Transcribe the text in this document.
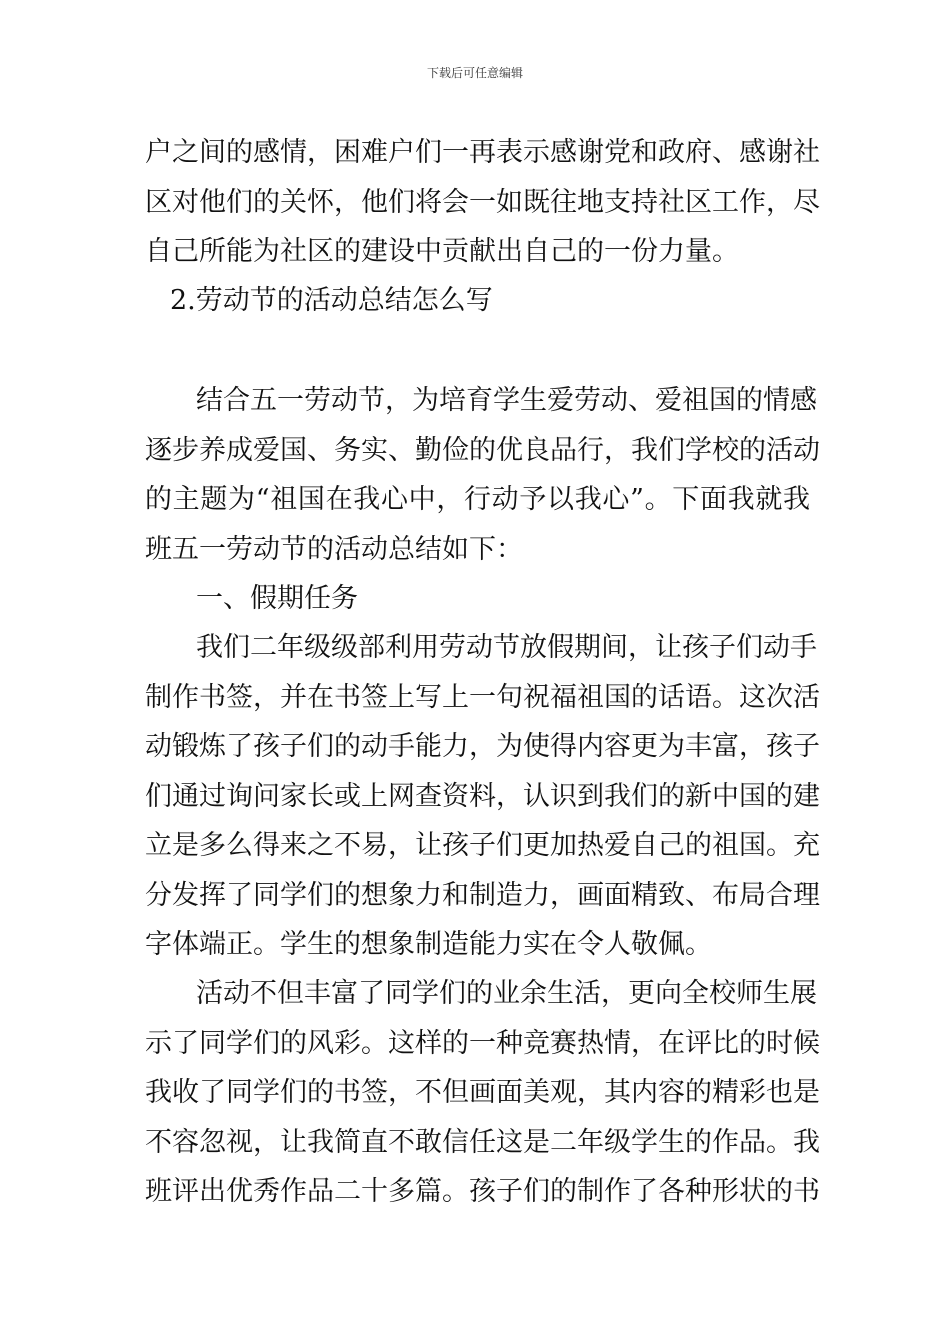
下载后可任意编辑
户之间的感情，困难户们一再表示感谢党和政府、感谢社
区对他们的关怀，他们将会一如既往地支持社区工作，尽
自己所能为社区的建设中贡献出自己的一份力量。
2.劳动节的活动总结怎么写
结合五一劳动节，为培育学生爱劳动、爱祖国的情感
逐步养成爱国、务实、勤俭的优良品行，我们学校的活动
的主题为“祖国在我心中，行动予以我心”。下面我就我
班五一劳动节的活动总结如下：
一、假期任务
我们二年级级部利用劳动节放假期间，让孩子们动手
制作书签，并在书签上写上一句祝福祖国的话语。这次活
动锻炼了孩子们的动手能力，为使得内容更为丰富，孩子
们通过询问家长或上网查资料，认识到我们的新中国的建
立是多么得来之不易，让孩子们更加热爱自己的祖国。充
分发挥了同学们的想象力和制造力，画面精致、布局合理
字体端正。学生的想象制造能力实在令人敬佩。
活动不但丰富了同学们的业余生活，更向全校师生展
示了同学们的风彩。这样的一种竞赛热情，在评比的时候
我收了同学们的书签，不但画面美观，其内容的精彩也是
不容忽视，让我简直不敢信任这是二年级学生的作品。我
班评出优秀作品二十多篇。孩子们的制作了各种形状的书
